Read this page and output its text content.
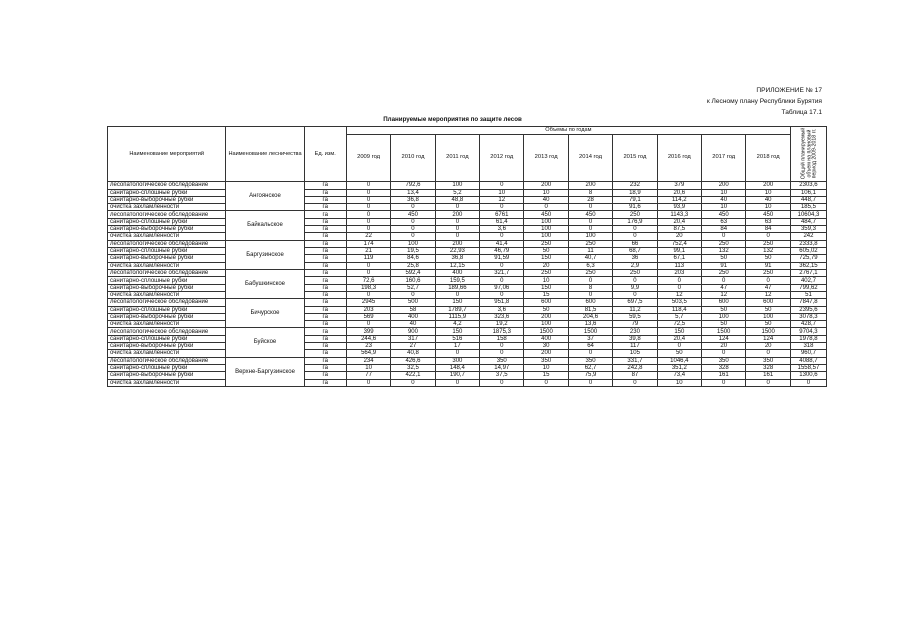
ПРИЛОЖЕНИЕ № 17
к Лесному плану Республики Бурятия
Таблица 17.1
Планируемые мероприятия по защите лесов
Наименование мероприятий	Наименование лесничества	Ед. изм.	Объемы по годам										Общий планируемый объем на плановый период 2009-2018 гг.

			2009 год	2010 год	2011 год	2012 год	2013 год	2014 год	2015 год	2016 год	2017 год	2018 год	
лесопатологическое обследование	Ангоянское	га	0	792,6	100	0	200	200	232	379	200	200	2303,6
санитарно-сплошные рубки		га	0	13,4	5,2	10	10	8	18,9	20,6	10	10	106,1
санитарно-выборочные рубки		га	0	36,8	48,8	12	40	28	79,1	114,2	40	40	448,7
очистка захламленности		га	0	0	0	0	0	0	91,6	93,9	10	10	185,5
лесопатологическое обследование	Байкальское	га	0	450	200	6761	450	450	250	1143,3	450	450	10604,3
санитарно-сплошные рубки		га	0	0	0	61,4	100	0	176,9	20,4	63	63	484,7
санитарно-выборочные рубки		га	0	0	0	3,6	100	0	0	87,5	84	84	359,3
очистка захламленности		га	22	0	0	0	100	100	0	20	0	0	242
лесопатологическое обследование	Баргузинское	га	174	100	200	41,4	250	250	66	752,4	250	250	2333,8
санитарно-сплошные рубки		га	21	19,5	22,93	46,79	50	11	68,7	99,1	132	132	605,02
санитарно-выборочные рубки		га	119	84,6	36,8	91,59	150	40,7	36	67,1	50	50	725,79
очистка захламленности		га	0	25,8	12,15	0	20	6,3	2,9	113	91	91	362,15
лесопатологическое обследование	Бабушкинское	га	0	592,4	400	321,7	250	250	250	203	250	250	2767,1
санитарно-сплошные рубки		га	72,6	160,6	159,5	0	10	0	0	0	0	0	402,7
санитарно-выборочные рубки		га	198,3	52,7	189,66	97,06	150	8	9,9	0	47	47	799,62
очистка захламленности		га	0	0	0	0	15	0	0	12	12	12	51
лесопатологическое обследование	Бичурское	га	2945	500	150	951,8	600	600	697,5	503,5	600	600	7847,8
санитарно-сплошные рубки		га	203	58	1789,7	3,6	50	81,5	11,2	118,4	50	50	2395,6
санитарно-выборочные рубки		га	569	400	1115,9	323,6	200	204,6	59,5	5,7	100	100	3078,3
очистка захламленности		га	0	40	4,2	19,2	100	13,6	79	72,5	50	50	428,7
лесопатологическое обследование	Буйское	га	399	900	150	1875,3	1500	1500	230	150	1500	1500	9704,3
санитарно-сплошные рубки		га	244,6	317	516	158	400	37	39,8	20,4	124	124	1978,8
санитарно-выборочные рубки		га	23	27	17	0	30	64	117	0	20	20	318
очистка захламленности		га	564,9	40,8	0	0	200	0	105	50	0	0	960,7
лесопатологическое обследование	Верхне-Баргузинское	га	234	426,6	300	350	350	350	331,7	1046,4	350	350	4088,7
санитарно-сплошные рубки		га	10	32,5	148,4	14,97	10	62,7	242,8	351,2	328	328	1558,57
санитарно-выборочные рубки		га	77	422,1	190,7	37,5	15	75,9	87	73,4	161	161	1300,6
очистка захламленности		га	0	0	0	0	0	0	0	10	0	0	0
